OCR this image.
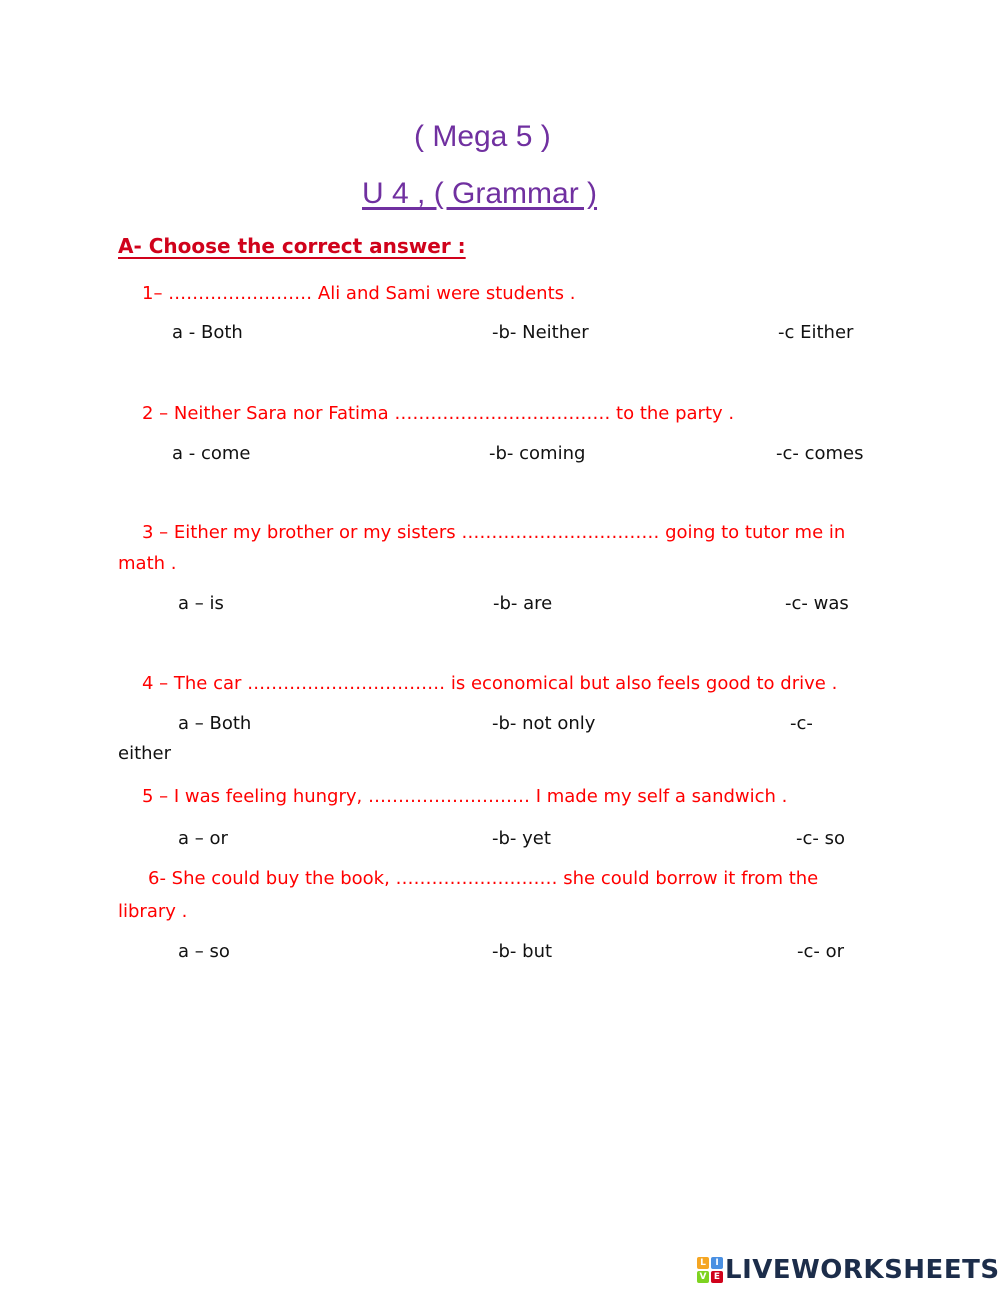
( Mega 5 )
U 4 , ( Grammar )
A- Choose the correct answer :
1– …………………… Ali and Sami were students .
a - Both	-b- Neither	-c Either
2 – Neither Sara nor Fatima ……………………………… to the party .
a - come	-b- coming	-c- comes
3 – Either my brother or my sisters …………………………… going to tutor me in
math .
a – is	-b- are	-c- was
4 – The car …………………………… is economical but also feels good to drive .
a – Both	-b- not only	-c-
either
5 – I was feeling hungry, ……………………… I made my self a sandwich .
a – or	-b- yet	-c- so
6- She could buy the book, ……………………… she could borrow it from the
library .
a – so	-b- but	-c- or
L	I
V E LIVEWORKSHEETS
